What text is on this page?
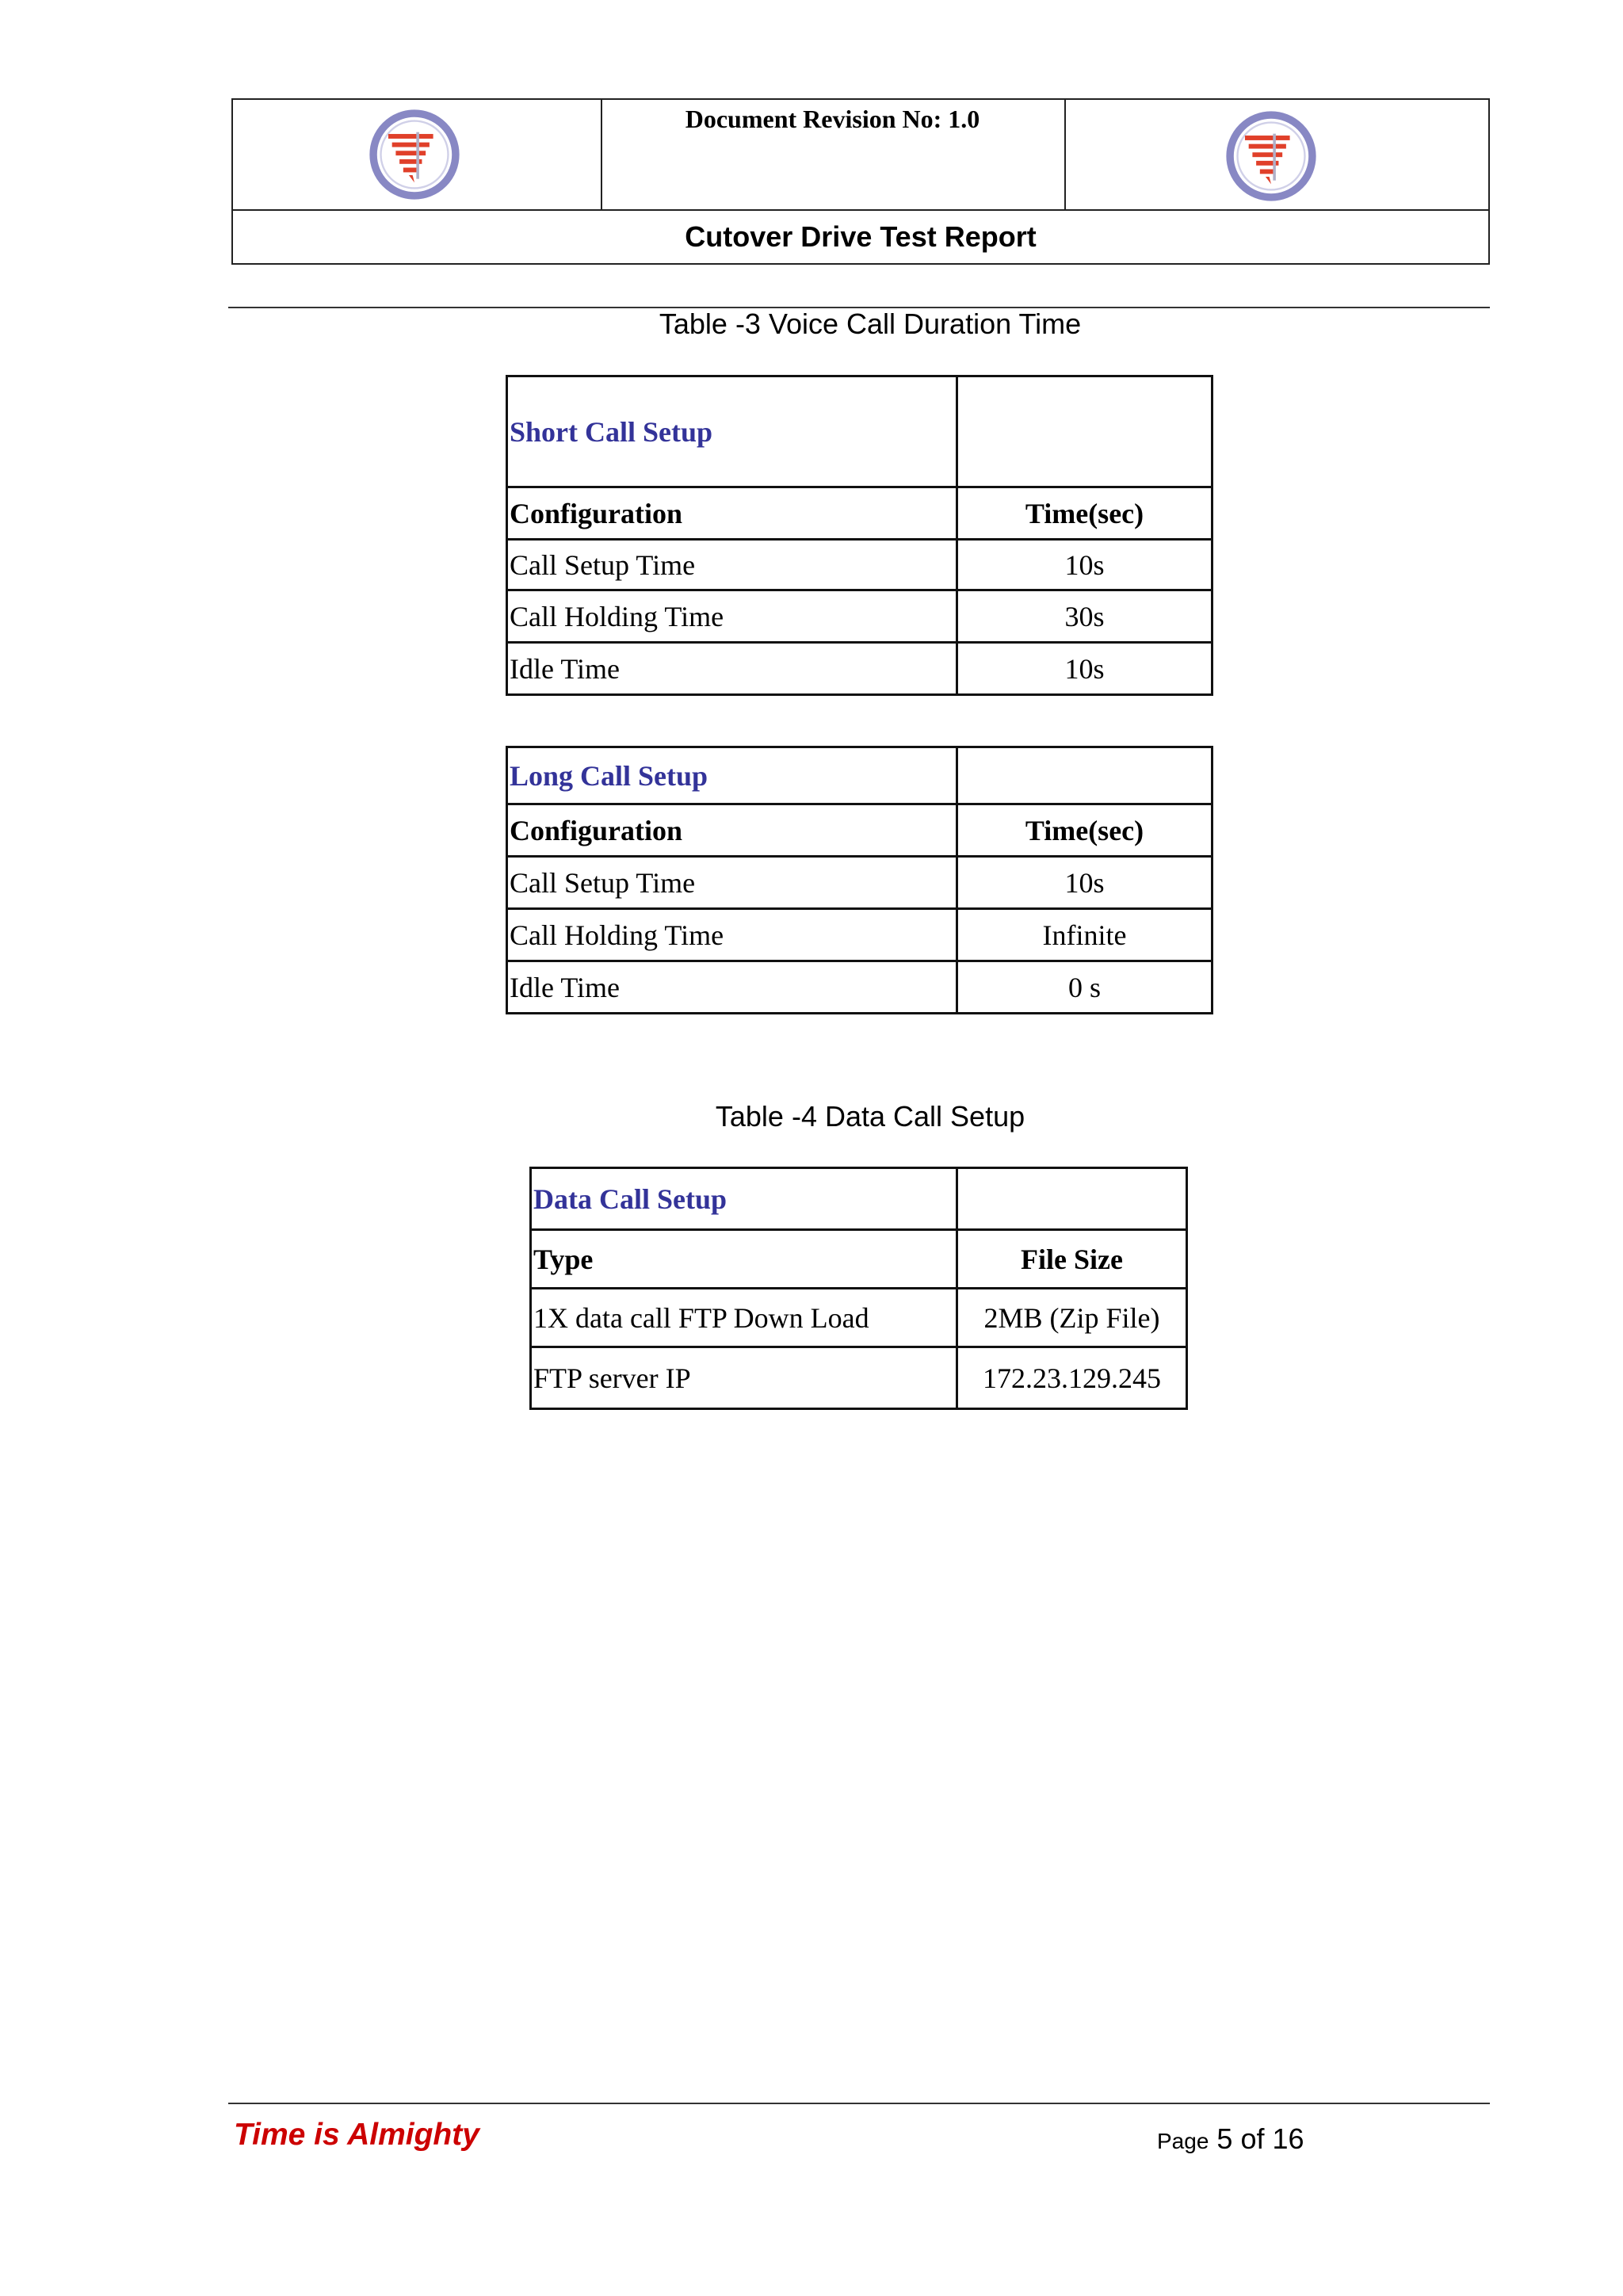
Document Revision No: 1.0
Cutover Drive Test Report
Table -3 Voice Call Duration Time
Short Call Setup	
Configuration	Time(sec)
Call Setup Time	10s
Call Holding Time	30s
Idle Time	10s
Long Call Setup	
Configuration	Time(sec)
Call Setup Time	10s
Call Holding Time	Infinite
Idle Time	0 s
Table -4 Data Call Setup
Data Call Setup	
Type	File Size
1X data call FTP Down Load	2MB (Zip File)
FTP server IP	172.23.129.245
Time is Almighty	Page 5 of 16
